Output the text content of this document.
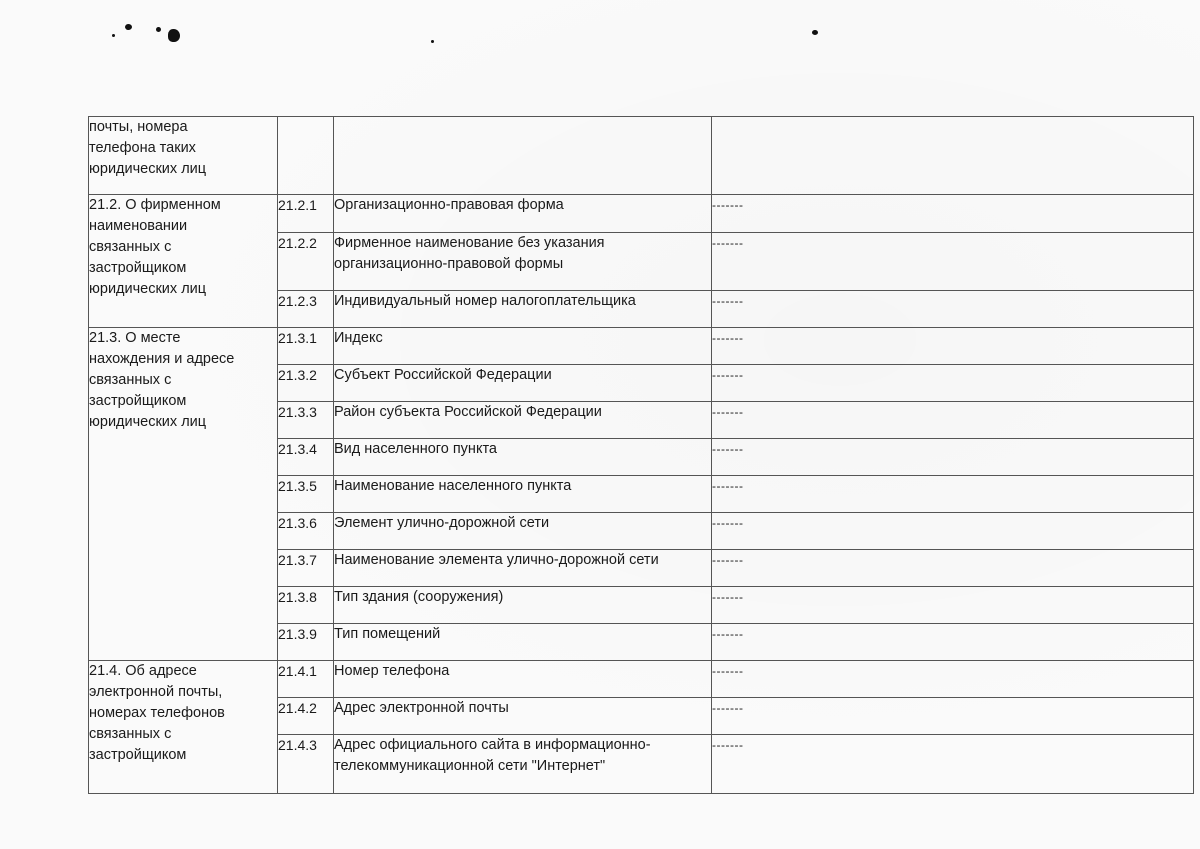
почты, номера
телефона таких
юридических лиц			
21.2. О фирменном
наименовании
связанных с
застройщиком
юридических лиц	21.2.1	Организационно-правовая форма	-------
	21.2.2	Фирменное наименование без указания
организационно-правовой формы	-------
	21.2.3	Индивидуальный номер налогоплательщика	-------
21.3. О месте
нахождения и адресе
связанных с
застройщиком
юридических лиц	21.3.1	Индекс	-------
	21.3.2	Субъект Российской Федерации	-------
	21.3.3	Район субъекта Российской Федерации	-------
	21.3.4	Вид населенного пункта	-------
	21.3.5	Наименование населенного пункта	-------
	21.3.6	Элемент улично-дорожной сети	-------
	21.3.7	Наименование элемента улично-дорожной сети	-------
	21.3.8	Тип здания (сооружения)	-------
	21.3.9	Тип помещений	-------
21.4. Об адресе
электронной почты,
номерах телефонов
связанных с
застройщиком	21.4.1	Номер телефона	-------
	21.4.2	Адрес электронной почты	-------
	21.4.3	Адрес официального сайта в информационно-
телекоммуникационной сети "Интернет"	-------
